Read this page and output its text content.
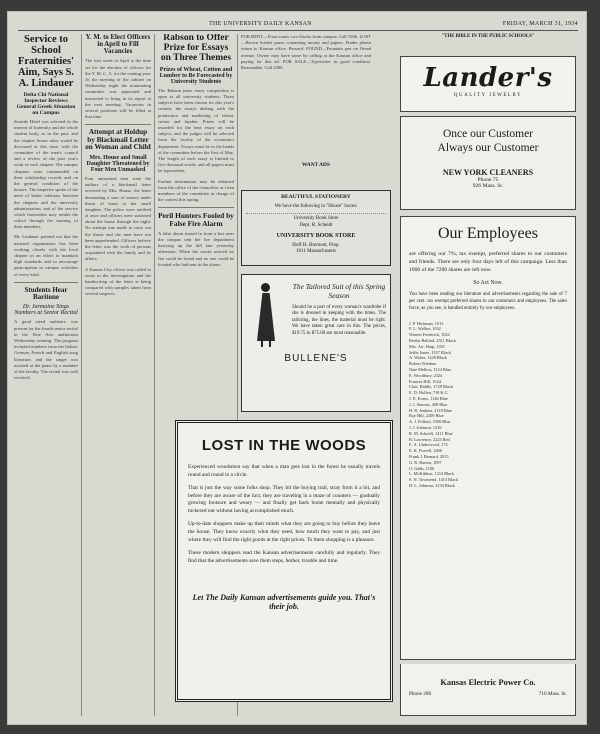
THE UNIVERSITY DAILY KANSAN	FRIDAY, MARCH 31, 1934
Service to School Fraternities' Aim, Says S. A. Lindauer
Delta Chi National Inspector Reviews General Greek Situation on Campus
Seaside Hotel was selected in the interest of fraternity and the whole student body, as in the past, and the chapter house rules would be discussed at this time, with the committee of the men's council and a review of the past year's work of each chapter. The campus chapters were commended on their scholarship records and on the general condition of the houses. The inspector spoke of the need of better relations between the chapters and the university administration, and of the service which fraternities may render the school through the training of their members.
Mr. Lindauer pointed out that the national organization has been working closely with the local chapter in an effort to maintain high standards and to encourage participation in campus activities of every kind.
Students Hear Baritone
Dr. Jarmaine Sings Numbers at Senior Recital
A good sized audience was present for the fourth senior recital in the Fine Arts auditorium Wednesday evening. The program included numbers from the Italian, German, French and English song literature, and the singer was assisted at the piano by a member of the faculty. The recital was well received.
Y. M. to Elect Officers in April to Fill Vacancies
The first week in April is the time set for the election of officers for the Y. M. C. A. for the coming year. At the meeting of the cabinet on Wednesday night the nominating committee was appointed and instructed to bring in its report at the next meeting. Vacancies in several positions will be filled at that time.
Attempt at Holdup by Blackmail Letter on Woman and Child
Mrs. House and Small Daughter Threatened by Four Men Unmasked
Four unmasked men were the authors of a blackmail letter received by Mrs. House, the letter demanding a sum of money under threat of harm to her small daughter. The police were notified at once and officers were stationed about the house through the night. No attempt was made to carry out the threat and the men have not been apprehended. Officers believe the letter was the work of persons acquainted with the family and its affairs.
A Kansas City officer was called to assist in the investigation and the handwriting of the letter is being compared with samples taken from several suspects.
Rabson to Offer Prize for Essays on Three Themes
Prizes of Wheat, Cotton and Lumber to Be Forecasted by University Students
The Rabson prize essay competition is open to all university students. Three subjects have been chosen for this year's contest, the essays dealing with the production and marketing of wheat, cotton and lumber. Prizes will be awarded for the best essay on each subject, and the judges will be selected from the faculty of the economics department. Essays must be in the hands of the committee before the first of May. The length of each essay is limited to five thousand words, and all papers must be typewritten.
Further information may be obtained from the office of the chancellor or from members of the committee in charge of the contest this spring.
Peril Hunters Fooled by False Fire Alarm
A false alarm turned in from a box near the campus sent the fire department hurrying up the hill late yesterday afternoon. When the trucks arrived no fire could be found and no one could be located who had sent in the alarm.
FOR RENT—Front room, two blocks from campus. Call 1946. LOST—Brown leather purse containing money and papers. Finder please return to Kansan office. Reward. FOUND—Fountain pen on Oread avenue. Owner may have same by calling at the Kansan office and paying for this ad. FOR SALE—Typewriter in good condition. Reasonable. Call 2286.
BEAUTIFUL STATIONERY
We have the following in "House" boxes:
University Book Store
Dept. R. Scheidt
UNIVERSITY BOOK STORE
Hoff H. Bremont, Prop.
1011 Massachusetts
The Tailored Suit of this Spring Season
Should be a part of every woman's wardrobe if she is dressed in keeping with the times. The tailoring, the lines, the material must be right. We have taken great care in this. The prices, $19.75 to $75.00 are most reasonable.
BULLENE'S
WANT ADS
LOST IN THE WOODS

Experienced woodsmen say that when a man gets lost in the forest he usually travels round and round in a circle.

That is just the way some folks shop. They hit the buying trail, stray from it a bit, and before they are aware of the fact, they are traveling in a maze of counters — gradually growing footsore and weary — and finally get back home mentally and physically tuckered out without having accomplished much.

Up-to-date shoppers make up their minds what they are going to buy before they leave the house. They know exactly what they need, how much they want to pay, and just where they will find the right goods at the right prices. To them shopping is a pleasure.

These modern shoppers read the Kansan advertisements carefully and regularly. They find that the advertisements save them steps, bother, trouble and time.

Let The Daily Kansan advertisements guide you. That's their job.
"THE BIBLE IN THE PUBLIC SCHOOLS"
Lander's
QUALITY JEWELRY
Once our Customer
Always our Customer
NEW YORK CLEANERS
Phone 75
926 Mass. St.
Our Employees
are offering our 7%, tax exempt, preferred shares to our customers and friends. There are only four days left of this campaign. Less than 1000 of the 7200 shares are left now.
So Act Now.
You have been reading our literature and advertisements regarding the sale of 7 per cent. tax exempt preferred shares to our customers and employees. The sales force, as you see, is handled entirely by our employees.
J. P. Hickman, 1012
F. L. Walker, 1032
Warren Frederick, 1022
Bertha Ballard, 2311 Black
Mrs. Art. Harp, 1031
Jeffie Jones, 1337 Black
A. Weber, 1228 Black
Robert Wiedner
Nate Mellow, 1124 Blue
E. Woodbury, 2324
Frances Hill, 1524
Chas. Biddle, 1728 Black
E. D. Hollen, 710 K.C.
J. E. Evans, 1146 Blue
J. J. Simons, 408 Blue
H. R. Jenkins, 2118 Blue
Ray Hill, 2200 Blue
A. J. Pollard, 3306 Blue
J. J. Johnson, 1216
R. M. Schoell, 1411 Blue
B. Lawrence, 2223 Red
E. A. Underwood, 174
E. K. Purcell, 2406
Frank J. Bernard, 2015
G. R. Barton, 1097
O. Gabb, 1106
L. McKibbon, 1214 Black
S. N. Townsend, 1413 Black
H. L. Johnson, 2130 Black
Kansas Electric Power Co.
Phone 280	710 Mass. St.
